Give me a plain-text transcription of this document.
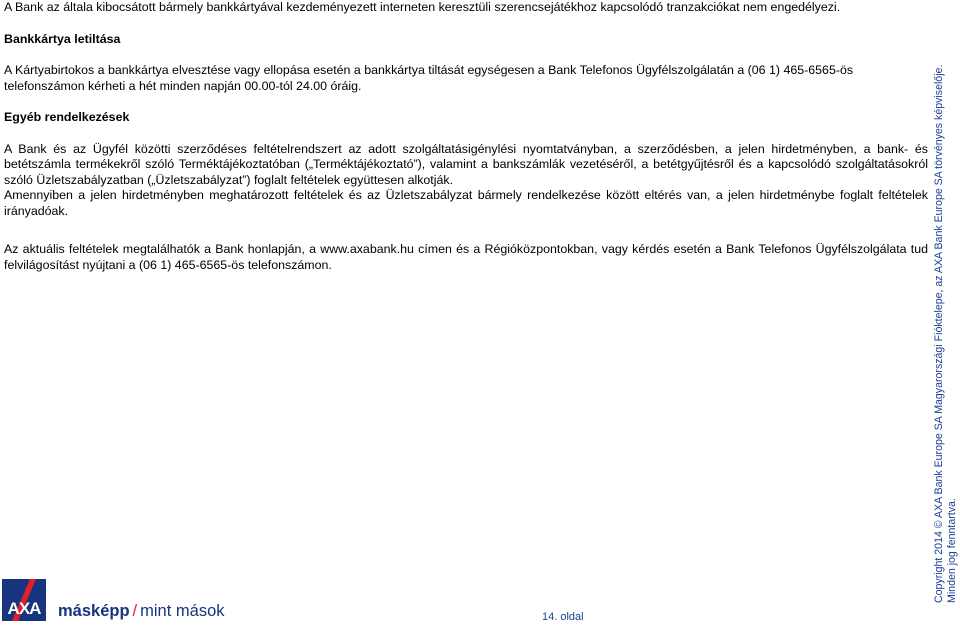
A Bank az általa kibocsátott bármely bankkártyával kezdeményezett interneten keresztüli szerencsejátékhoz kapcsolódó tranzakciókat nem engedélyezi.

Bankkártya letiltása

A Kártyabirtokos a bankkártya elvesztése vagy ellopása esetén a bankkártya tiltását egységesen a Bank Telefonos Ügyfélszolgálatán a (06 1) 465-6565-ös telefonszámon kérheti a hét minden napján 00.00-tól 24.00 óráig.

Egyéb rendelkezések

A Bank és az Ügyfél közötti szerződéses feltételrendszert az adott szolgáltatásigénylési nyomtatványban, a szerződésben, a jelen hirdetményben, a bank- és betétszámla termékekről szóló Terméktájékoztatóban („Terméktájékoztató”), valamint a bankszámlák vezetéséről, a betétgyűjtésről és a kapcsolódó szolgáltatásokról szóló Üzletszabályzatban („Üzletszabályzat”) foglalt feltételek együttesen alkotják.

Amennyiben a jelen hirdetményben meghatározott feltételek és az Üzletszabályzat bármely rendelkezése között eltérés van, a jelen hirdetménybe foglalt feltételek irányadóak.

Az aktuális feltételek megtalálhatók a Bank honlapján, a www.axabank.hu címen és a Régióközpontokban, vagy kérdés esetén a Bank Telefonos Ügyfélszolgálata tud felvilágosítást nyújtani a (06 1) 465-6565-ös telefonszámon.	Copyright 2014 © AXA Bank Europe SA Magyarországi Fióktelepe, az AXA Bank Europe SA törvényes képviselője. Minden jog fenntartva.
AXA	másképp / mint mások	14. oldal
